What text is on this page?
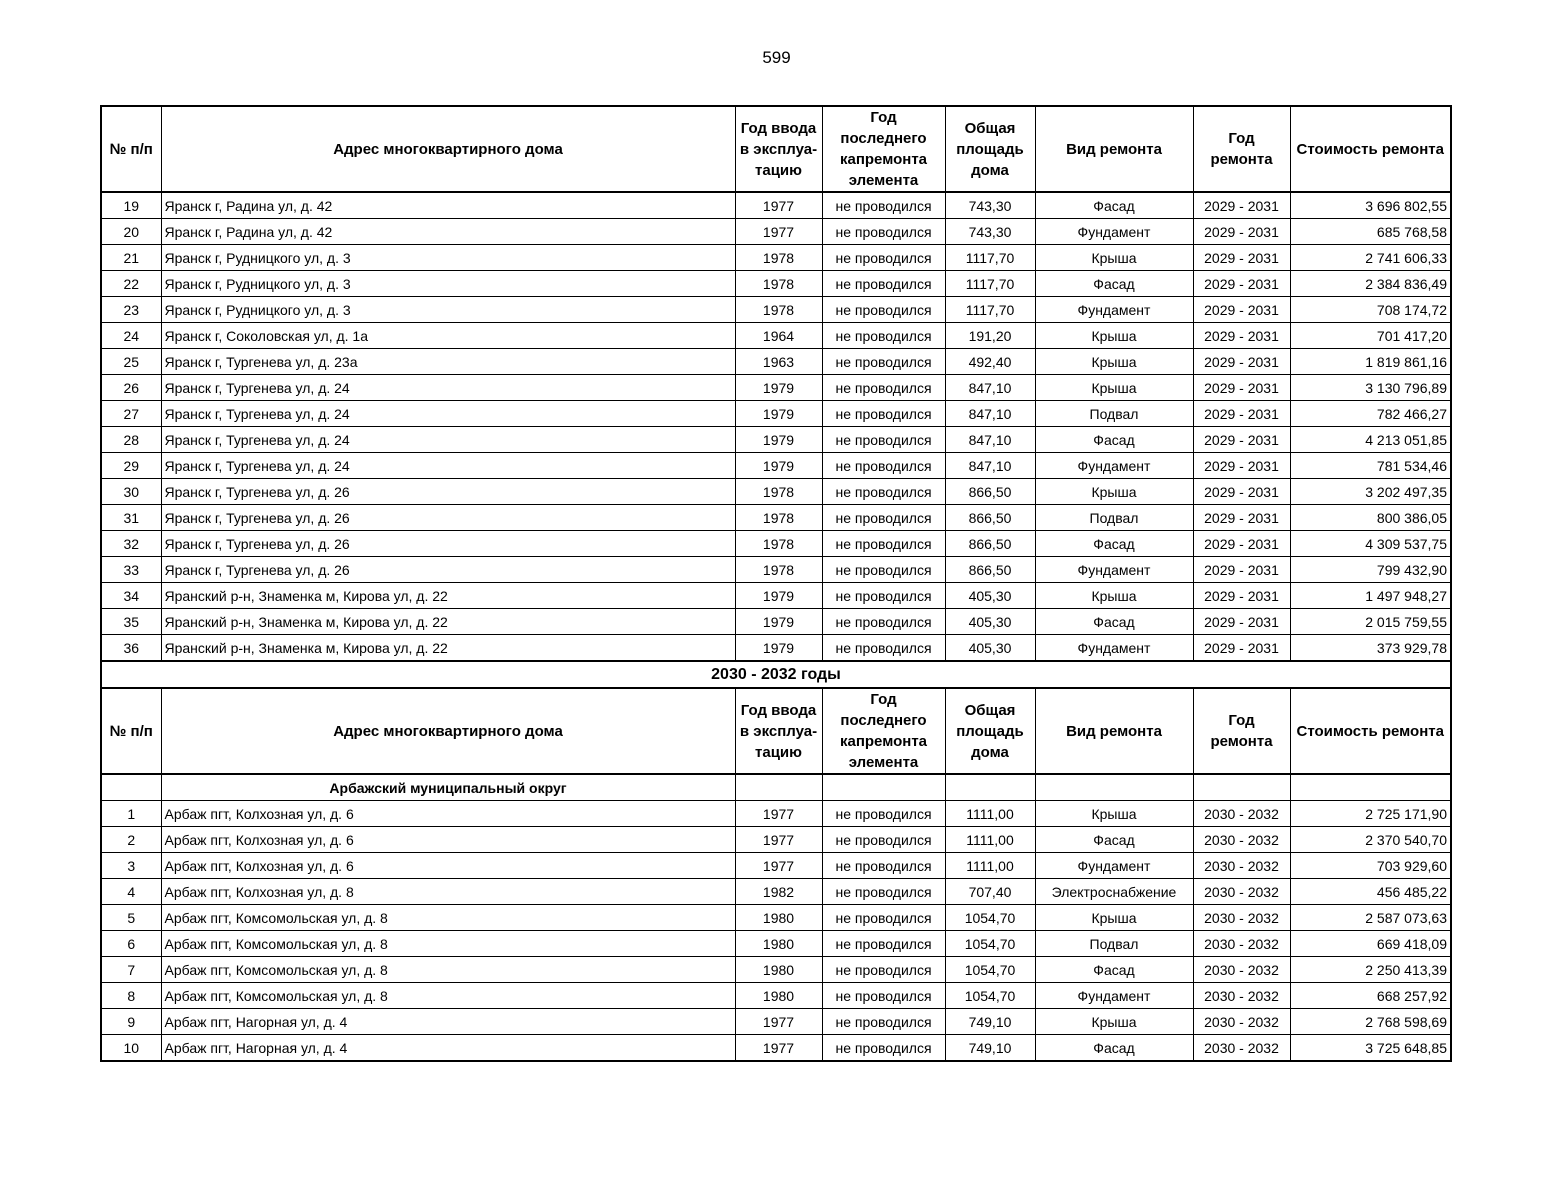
599
№ п/п	Адрес многоквартирного дома	Год ввода в эксплуа-тацию	Год последнего капремонта элемента	Общая площадь дома	Вид ремонта	Год ремонта	Стоимость ремонта
19	Яранск г, Радина ул, д. 42	1977	не проводился	743,30	Фасад	2029 - 2031	3 696 802,55
20	Яранск г, Радина ул, д. 42	1977	не проводился	743,30	Фундамент	2029 - 2031	685 768,58
21	Яранск г, Рудницкого ул, д. 3	1978	не проводился	1117,70	Крыша	2029 - 2031	2 741 606,33
22	Яранск г, Рудницкого ул, д. 3	1978	не проводился	1117,70	Фасад	2029 - 2031	2 384 836,49
23	Яранск г, Рудницкого ул, д. 3	1978	не проводился	1117,70	Фундамент	2029 - 2031	708 174,72
24	Яранск г, Соколовская ул, д. 1а	1964	не проводился	191,20	Крыша	2029 - 2031	701 417,20
25	Яранск г, Тургенева ул, д. 23а	1963	не проводился	492,40	Крыша	2029 - 2031	1 819 861,16
26	Яранск г, Тургенева ул, д. 24	1979	не проводился	847,10	Крыша	2029 - 2031	3 130 796,89
27	Яранск г, Тургенева ул, д. 24	1979	не проводился	847,10	Подвал	2029 - 2031	782 466,27
28	Яранск г, Тургенева ул, д. 24	1979	не проводился	847,10	Фасад	2029 - 2031	4 213 051,85
29	Яранск г, Тургенева ул, д. 24	1979	не проводился	847,10	Фундамент	2029 - 2031	781 534,46
30	Яранск г, Тургенева ул, д. 26	1978	не проводился	866,50	Крыша	2029 - 2031	3 202 497,35
31	Яранск г, Тургенева ул, д. 26	1978	не проводился	866,50	Подвал	2029 - 2031	800 386,05
32	Яранск г, Тургенева ул, д. 26	1978	не проводился	866,50	Фасад	2029 - 2031	4 309 537,75
33	Яранск г, Тургенева ул, д. 26	1978	не проводился	866,50	Фундамент	2029 - 2031	799 432,90
34	Яранский р-н, Знаменка м, Кирова ул, д. 22	1979	не проводился	405,30	Крыша	2029 - 2031	1 497 948,27
35	Яранский р-н, Знаменка м, Кирова ул, д. 22	1979	не проводился	405,30	Фасад	2029 - 2031	2 015 759,55
36	Яранский р-н, Знаменка м, Кирова ул, д. 22	1979	не проводился	405,30	Фундамент	2029 - 2031	373 929,78
2030 - 2032 годы							
№ п/п	Адрес многоквартирного дома	Год ввода в эксплуа-тацию	Год последнего капремонта элемента	Общая площадь дома	Вид ремонта	Год ремонта	Стоимость ремонта
	Арбажский муниципальный округ						
1	Арбаж пгт, Колхозная ул, д. 6	1977	не проводился	1111,00	Крыша	2030 - 2032	2 725 171,90
2	Арбаж пгт, Колхозная ул, д. 6	1977	не проводился	1111,00	Фасад	2030 - 2032	2 370 540,70
3	Арбаж пгт, Колхозная ул, д. 6	1977	не проводился	1111,00	Фундамент	2030 - 2032	703 929,60
4	Арбаж пгт, Колхозная ул, д. 8	1982	не проводился	707,40	Электроснабжение	2030 - 2032	456 485,22
5	Арбаж пгт, Комсомольская ул, д. 8	1980	не проводился	1054,70	Крыша	2030 - 2032	2 587 073,63
6	Арбаж пгт, Комсомольская ул, д. 8	1980	не проводился	1054,70	Подвал	2030 - 2032	669 418,09
7	Арбаж пгт, Комсомольская ул, д. 8	1980	не проводился	1054,70	Фасад	2030 - 2032	2 250 413,39
8	Арбаж пгт, Комсомольская ул, д. 8	1980	не проводился	1054,70	Фундамент	2030 - 2032	668 257,92
9	Арбаж пгт, Нагорная ул, д. 4	1977	не проводился	749,10	Крыша	2030 - 2032	2 768 598,69
10	Арбаж пгт, Нагорная ул, д. 4	1977	не проводился	749,10	Фасад	2030 - 2032	3 725 648,85
